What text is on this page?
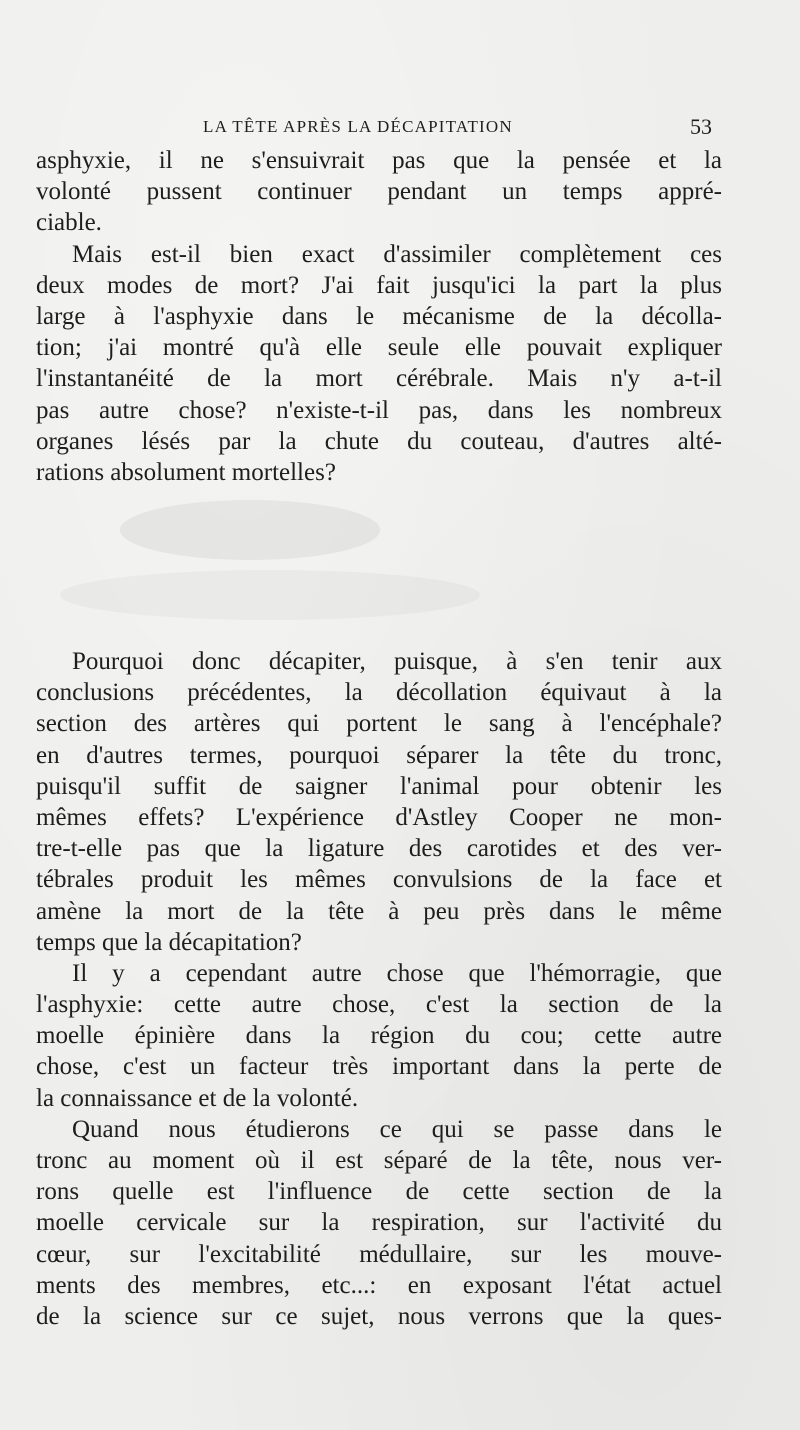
LA TÊTE APRÈS LA DÉCAPITATION	53
asphyxie, il ne s'ensuivrait pas que la pensée et la
volonté pussent continuer pendant un temps appré-
ciable.
Mais est-il bien exact d'assimiler complètement ces
deux modes de mort? J'ai fait jusqu'ici la part la plus
large à l'asphyxie dans le mécanisme de la décolla-
tion; j'ai montré qu'à elle seule elle pouvait expliquer
l'instantanéité de la mort cérébrale. Mais n'y a-t-il
pas autre chose? n'existe-t-il pas, dans les nombreux
organes lésés par la chute du couteau, d'autres alté-
rations absolument mortelles?
Pourquoi donc décapiter, puisque, à s'en tenir aux
conclusions précédentes, la décollation équivaut à la
section des artères qui portent le sang à l'encéphale?
en d'autres termes, pourquoi séparer la tête du tronc,
puisqu'il suffit de saigner l'animal pour obtenir les
mêmes effets? L'expérience d'Astley Cooper ne mon-
tre-t-elle pas que la ligature des carotides et des ver-
tébrales produit les mêmes convulsions de la face et
amène la mort de la tête à peu près dans le même
temps que la décapitation?
Il y a cependant autre chose que l'hémorragie, que
l'asphyxie: cette autre chose, c'est la section de la
moelle épinière dans la région du cou; cette autre
chose, c'est un facteur très important dans la perte de
la connaissance et de la volonté.
Quand nous étudierons ce qui se passe dans le
tronc au moment où il est séparé de la tête, nous ver-
rons quelle est l'influence de cette section de la
moelle cervicale sur la respiration, sur l'activité du
cœur, sur l'excitabilité médullaire, sur les mouve-
ments des membres, etc...: en exposant l'état actuel
de la science sur ce sujet, nous verrons que la ques-
